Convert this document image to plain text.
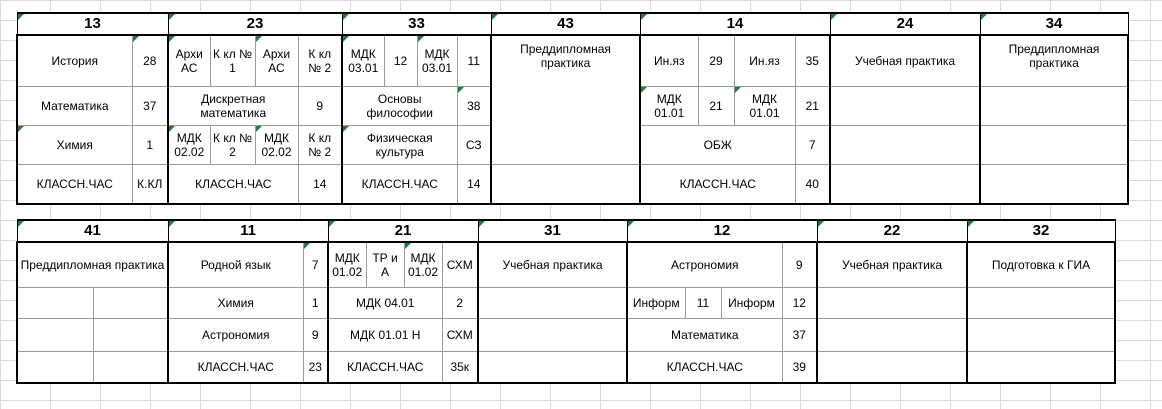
13		23				33				43	14				24	34
История	28	Архи АС	К кл № 1	Архи АС	К кл № 2	МДК 03.01	12	МДК 03.01	11	Преддипломная практика	Ин.яз	29	Ин.яз	35	Учебная практика	Преддипломная практика
Математика	37	Дискретная математика			9	Основы философии			38		МДК 01.01	21	МДК 01.01	21		
Химия	1	МДК 02.02	К кл № 2	МДК 02.02	К кл № 2	Физическая культура			СЗ		ОБЖ			7		
КЛАССН.ЧАС	К.КЛ	КЛАССН.ЧАС			14	КЛАССН.ЧАС			14		КЛАССН.ЧАС			40		
41		11		21				31	12				22	32
Преддипломная практика		Родной язык	7	МДК 01.02	ТР и А	МДК 01.02	СХМ	Учебная практика	Астрономия			9	Учебная практика	Подготовка к ГИА
		Химия	1	МДК 04.01			2		Информ	11	Информ	12		
		Астрономия	9	МДК 01.01 Н			СХМ		Математика			37		
		КЛАССН.ЧАС	23	КЛАССН.ЧАС			35к		КЛАССН.ЧАС			39		
